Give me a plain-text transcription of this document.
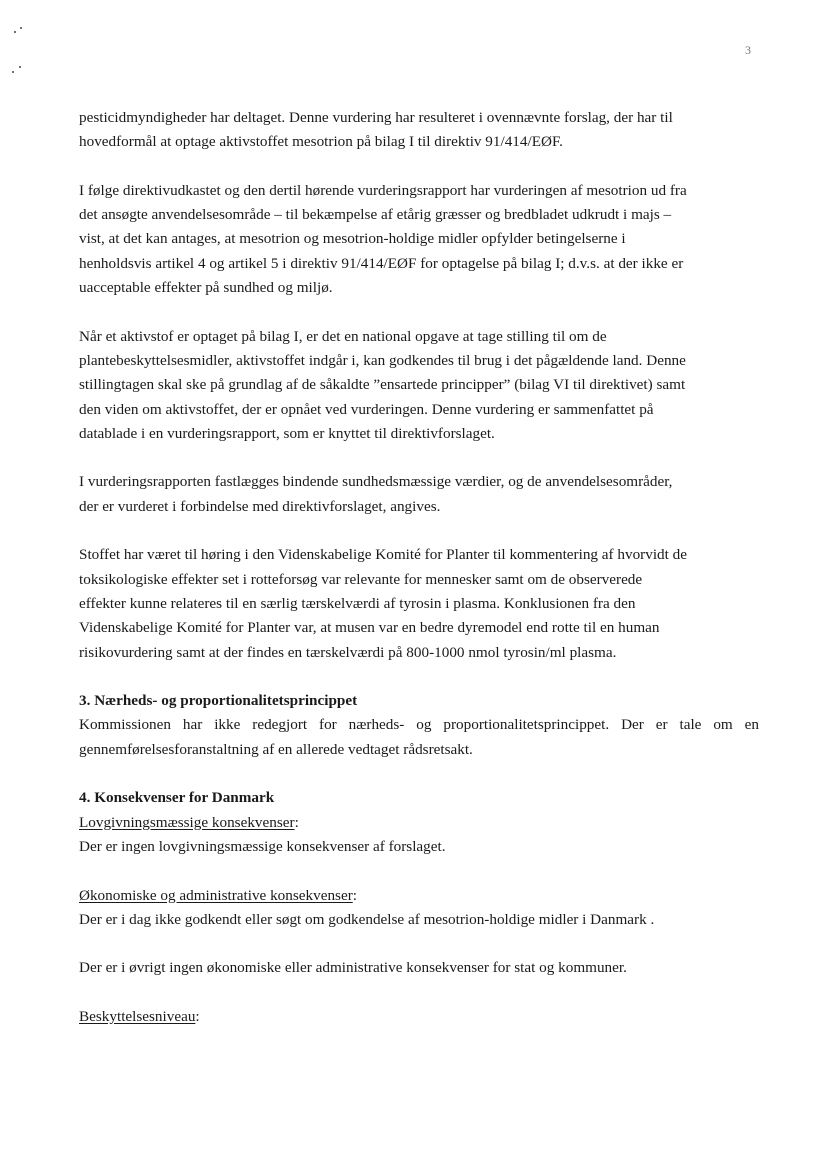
3

pesticidmyndigheder har deltaget. Denne vurdering har resulteret i ovennævnte forslag, der har til
hovedformål at optage aktivstoffet mesotrion på bilag I til direktiv 91/414/EØF.

I følge direktivudkastet og den dertil hørende vurderingsrapport har vurderingen af mesotrion ud fra
det ansøgte anvendelsesområde – til bekæmpelse af etårig græsser og bredbladet udkrudt i majs –
vist, at det kan antages, at mesotrion og mesotrion-holdige midler opfylder betingelserne i
henholdsvis artikel 4 og artikel 5 i direktiv 91/414/EØF for optagelse på bilag I; d.v.s. at der ikke er
uacceptable effekter på sundhed og miljø.

Når et aktivstof er optaget på bilag I, er det en national opgave at tage stilling til om de
plantebeskyttelsesmidler, aktivstoffet indgår i, kan godkendes til brug i det pågældende land. Denne
stillingtagen skal ske på grundlag af de såkaldte ”ensartede principper” (bilag VI til direktivet) samt
den viden om aktivstoffet, der er opnået ved vurderingen. Denne vurdering er sammenfattet på
datablade i en vurderingsrapport, som er knyttet til direktivforslaget.

I vurderingsrapporten fastlægges bindende sundhedsmæssige værdier, og de anvendelsesområder,
der er vurderet i forbindelse med direktivforslaget, angives.

Stoffet har været til høring i den Videnskabelige Komité for Planter til kommentering af hvorvidt de
toksikologiske effekter set i rotteforsøg var relevante for mennesker samt om de observerede
effekter kunne relateres til en særlig tærskelværdi af tyrosin i plasma. Konklusionen fra den
Videnskabelige Komité for Planter var, at musen var en bedre dyremodel end rotte til en human
risikovurdering samt at der findes en tærskelværdi på 800-1000 nmol tyrosin/ml plasma.

3. Nærheds- og proportionalitetsprincippet
Kommissionen har ikke redegjort for nærheds- og proportionalitetsprincippet. Der er tale om en
gennemførelsesforanstaltning af en allerede vedtaget rådsretsakt.
4. Konsekvenser for Danmark
Lovgivningsmæssige konsekvenser:
Der er ingen lovgivningsmæssige konsekvenser af forslaget.
Økonomiske og administrative konsekvenser:
Der er i dag ikke godkendt eller søgt om godkendelse af mesotrion-holdige midler i Danmark .

Der er i øvrigt ingen økonomiske eller administrative konsekvenser for stat og kommuner.

Beskyttelsesniveau:
